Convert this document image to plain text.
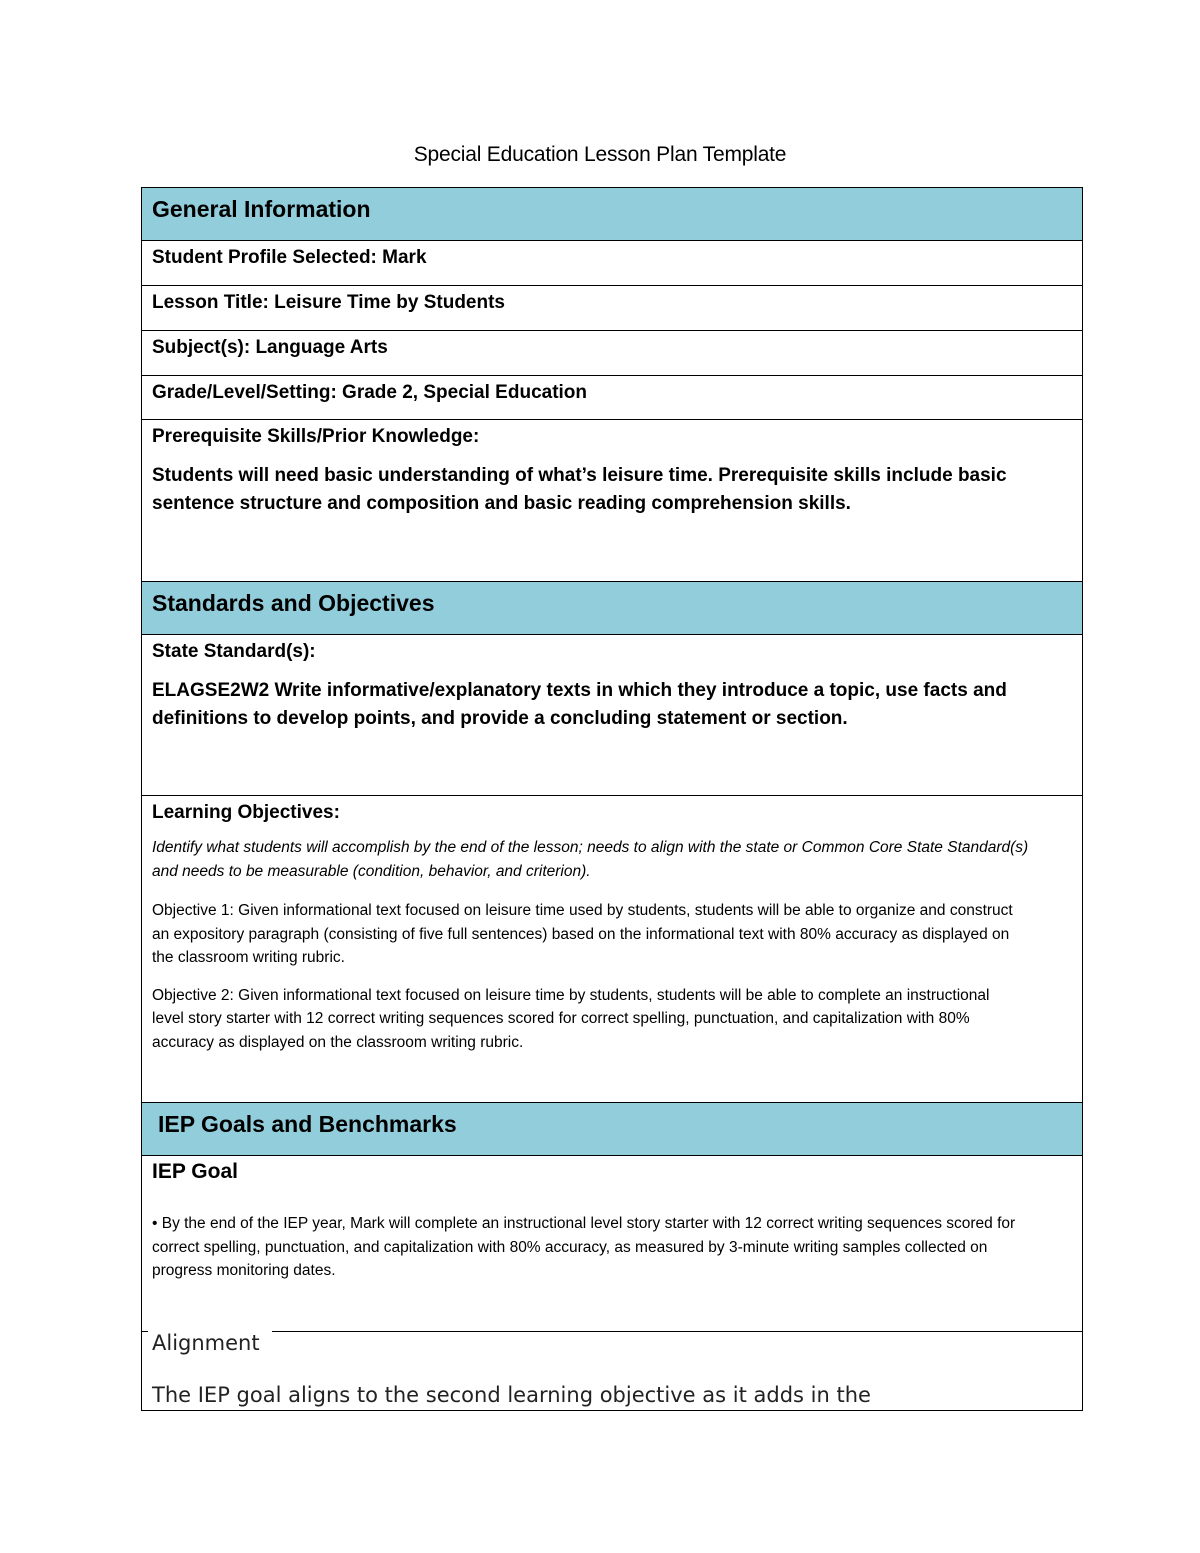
Special Education Lesson Plan Template
General Information
Student Profile Selected: Mark
Lesson Title: Leisure Time by Students
Subject(s): Language Arts
Grade/Level/Setting: Grade 2, Special Education
Prerequisite Skills/Prior Knowledge:
Students will need basic understanding of what’s leisure time. Prerequisite skills include basic
sentence structure and composition and basic reading comprehension skills.
Standards and Objectives
State Standard(s):
ELAGSE2W2 Write informative/explanatory texts in which they introduce a topic, use facts and
definitions to develop points, and provide a concluding statement or section.
Learning Objectives:
Identify what students will accomplish by the end of the lesson; needs to align with the state or Common Core State Standard(s)
and needs to be measurable (condition, behavior, and criterion).
Objective 1: Given informational text focused on leisure time used by students, students will be able to organize and construct
an expository paragraph (consisting of five full sentences) based on the informational text with 80% accuracy as displayed on
the classroom writing rubric.
Objective 2: Given informational text focused on leisure time by students, students will be able to complete an instructional
level story starter with 12 correct writing sequences scored for correct spelling, punctuation, and capitalization with 80%
accuracy as displayed on the classroom writing rubric.
IEP Goals and Benchmarks
IEP Goal
• By the end of the IEP year, Mark will complete an instructional level story starter with 12 correct writing sequences scored for
correct spelling, punctuation, and capitalization with 80% accuracy, as measured by 3-minute writing samples collected on
progress monitoring dates.
Alignment
The IEP goal aligns to the second learning objective as it adds in the
